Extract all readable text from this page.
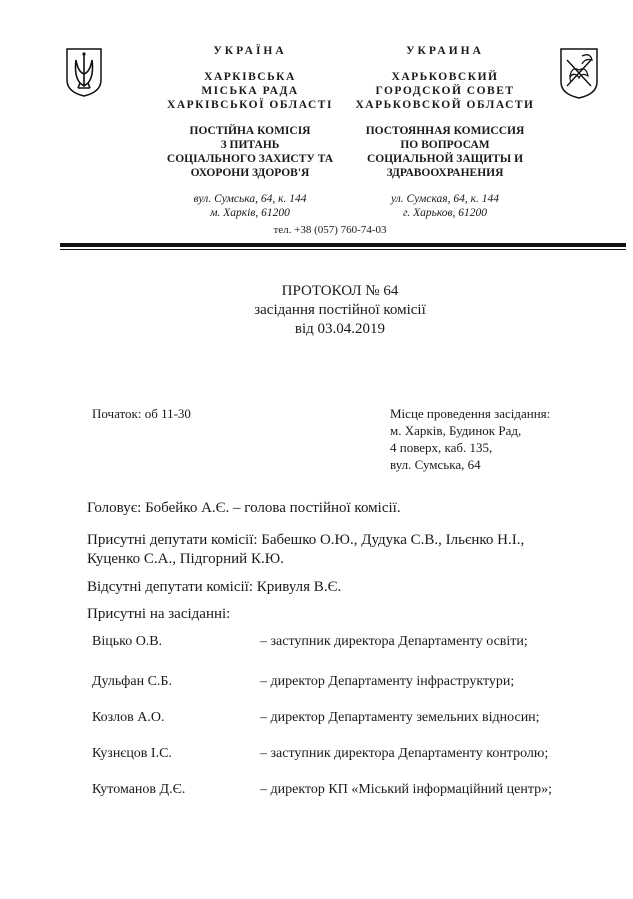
УКРАЇНА
ХАРКІВСЬКА
МІСЬКА РАДА
ХАРКІВСЬКОЇ ОБЛАСТІ
ПОСТІЙНА КОМІСІЯ
З ПИТАНЬ
СОЦІАЛЬНОГО ЗАХИСТУ ТА
ОХОРОНИ ЗДОРОВ'Я
вул. Сумська, 64, к. 144
м. Харків, 61200
УКРАИНА
ХАРЬКОВСКИЙ
ГОРОДСКОЙ СОВЕТ
ХАРЬКОВСКОЙ ОБЛАСТИ
ПОСТОЯННАЯ КОМИССИЯ
ПО ВОПРОСАМ
СОЦИАЛЬНОЙ ЗАЩИТЫ И
ЗДРАВООХРАНЕНИЯ
ул. Сумская, 64, к. 144
г. Харьков, 61200
тел. +38 (057) 760-74-03
ПРОТОКОЛ № 64
засідання постійної комісії
від 03.04.2019
Початок: об 11-30	Місце проведення засідання:
м. Харків, Будинок Рад,
4 поверх, каб. 135,
вул. Сумська, 64
Головує: Бобейко А.Є. – голова постійної комісії.
Присутні депутати комісії: Бабешко О.Ю., Дудука С.В., Ільєнко Н.І.,
Куценко С.А., Підгорний К.Ю.
Відсутні депутати комісії: Кривуля В.Є.
Присутні на засіданні:
Віцько О.В.	– заступник директора Департаменту освіти;
Дульфан С.Б.	– директор Департаменту інфраструктури;
Козлов А.О.	– директор Департаменту земельних відносин;
Кузнєцов І.С.	– заступник директора Департаменту контролю;
Кутоманов Д.Є.	– директор КП «Міський інформаційний центр»;
